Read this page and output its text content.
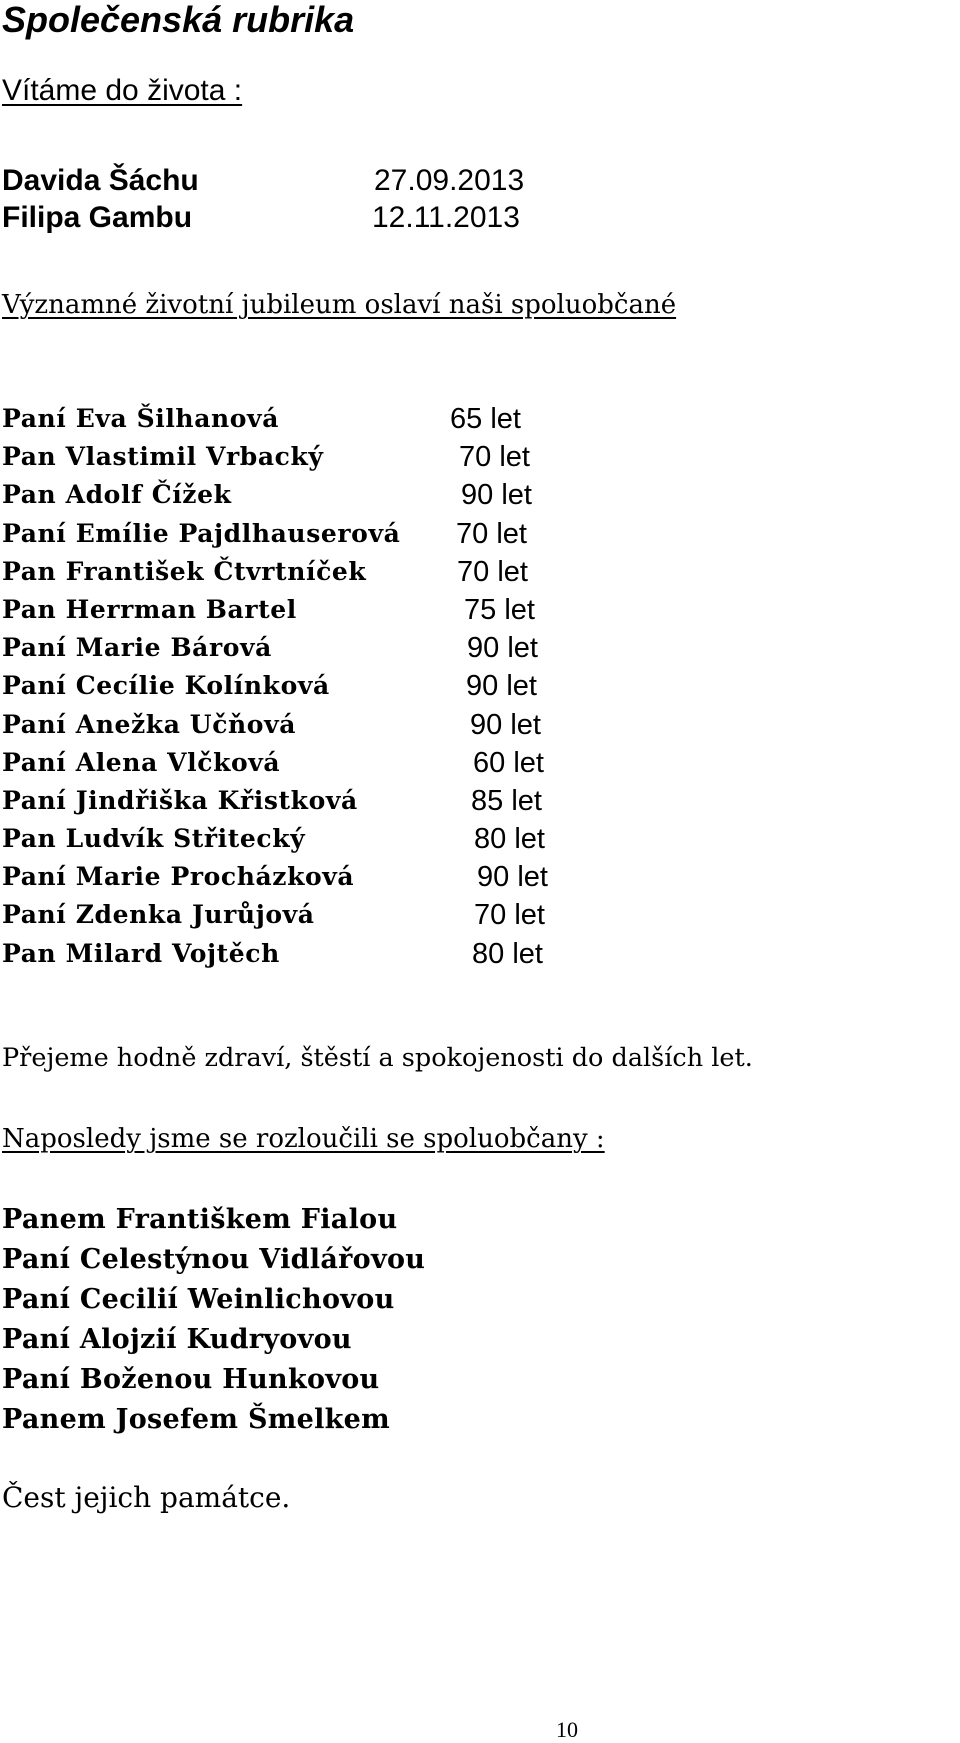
Společenská rubrika
Vítáme do života :
Davida Šáchu	27.09.2013
Filipa Gambu	12.11.2013
Významné životní jubileum oslaví naši spoluobčané
Paní Eva Šilhanová	65 let
Pan Vlastimil Vrbacký	70 let
Pan Adolf Čížek	90 let
Paní Emílie Pajdlhauserová 70 let
Pan František Čtvrtníček	70 let
Pan Herrman Bartel	75 let
Paní Marie Bárová	90 let
Paní Cecílie Kolínková	90 let
Paní Anežka Učňová	90 let
Paní Alena Vlčková	60 let
Paní Jindřiška Křistková	85 let
Pan Ludvík Střitecký	80 let
Paní Marie Procházková	90 let
Paní Zdenka Jurůjová	70 let
Pan Milard Vojtěch	80 let
Přejeme hodně zdraví, štěstí a spokojenosti do dalších let.
Naposledy jsme se rozloučili se spoluobčany :
Panem Františkem Fialou
Paní Celestýnou Vidlářovou
Paní Cecilií Weinlichovou
Paní Alojzií Kudryovou
Paní Boženou Hunkovou
Panem Josefem Šmelkem
Čest jejich památce.
10
